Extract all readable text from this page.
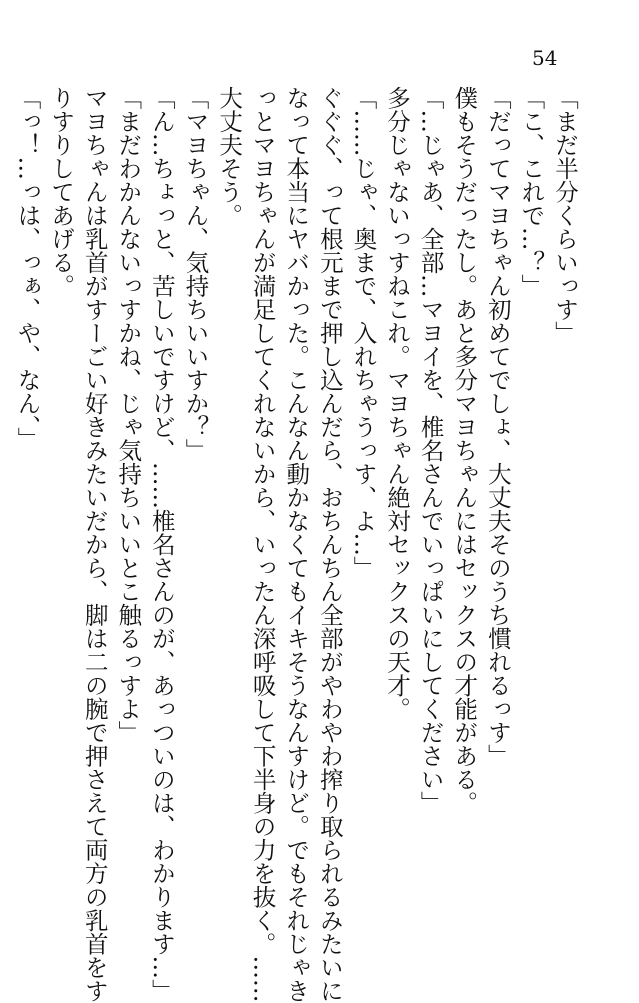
54

「まだ半分くらいっす」

「こ、これで…？」

「だってマヨちゃん初めてでしょ、大丈夫そのうち慣れるっす」

僕もそうだったし。あと多分マヨちゃんにはセックスの才能がある。

「…じゃあ、全部…マヨイを、椎名さんでいっぱいにしてください」

多分じゃないっすねこれ。マヨちゃん絶対セックスの天才。

「……じゃ、奥まで、入れちゃうっす、よ…」

ぐぐぐ、って根元まで押し込んだら、おちんちん全部がやわやわ搾り取られるみたいに

なって本当にヤバかった。こんなん動かなくてもイキそうなんすけど。でもそれじゃき

っとマヨちゃんが満足してくれないから、いったん深呼吸して下半身の力を抜く。……

大丈夫そう。

「マヨちゃん、気持ちいいすか？」

「ん…ちょっと、苦しいですけど、……椎名さんのが、あっついのは、わかります…」

「まだわかんないっすかね、じゃ気持ちいいとこ触るっすよ」

マヨちゃんは乳首がすーごい好きみたいだから、脚は二の腕で押さえて両方の乳首をす

りすりしてあげる。

「っ！…っは、っぁ、や、なん、」
